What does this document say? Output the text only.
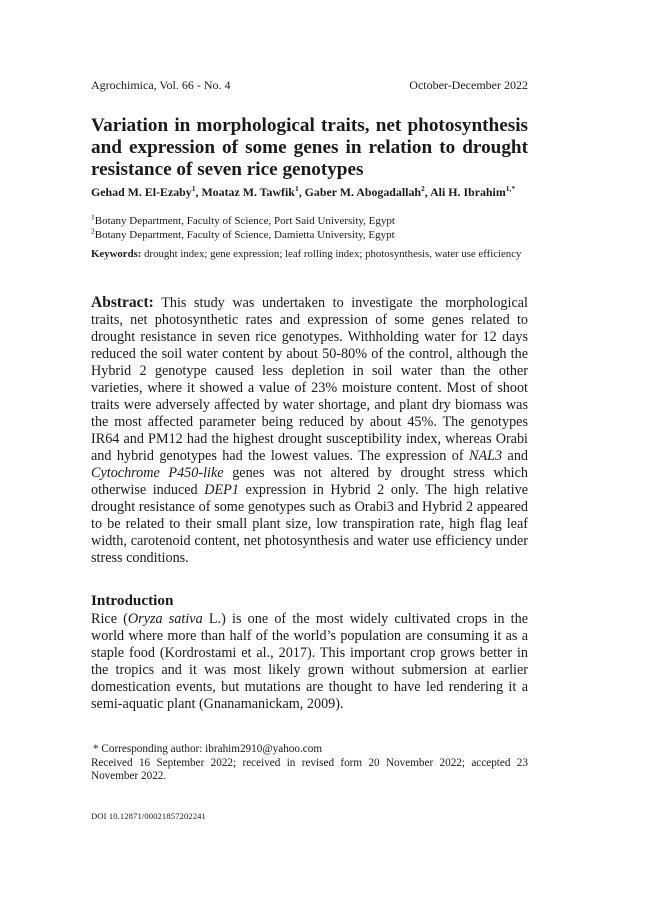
Agrochimica, Vol. 66 - No. 4	October-December 2022
Variation in morphological traits, net photosynthesis and expression of some genes in relation to drought resistance of seven rice genotypes

Gehad M. El-Ezaby$^1$, Moataz M. Tawfik$^1$, Gaber M. Abogadallah$^2$, Ali H. Ibrahim$^{1,*}$

$^1$Botany Department, Faculty of Science, Port Said University, Egypt

$^2$Botany Department, Faculty of Science, Damietta University, Egypt

Keywords: drought index; gene expression; leaf rolling index; photosynthesis, water use efficiency

Abstract: This study was undertaken to investigate the morphological traits, net photosynthetic rates and expression of some genes related to drought resistance in seven rice genotypes. Withholding water for 12 days reduced the soil water content by about 50-80% of the control, although the Hybrid 2 genotype caused less depletion in soil water than the other varieties, where it showed a value of 23% moisture content. Most of shoot traits were adversely affected by water shortage, and plant dry biomass was the most affected parameter being reduced by about 45%. The genotypes IR64 and PM12 had the highest drought susceptibility index, whereas Orabi and hybrid genotypes had the lowest values. The expression of NAL3 and Cytochrome P450-like genes was not altered by drought stress which otherwise induced DEP1 expression in Hybrid 2 only. The high relative drought resistance of some genotypes such as Orabi3 and Hybrid 2 appeared to be related to their small plant size, low transpiration rate, high flag leaf width, carotenoid content, net photosynthesis and water use efficiency under stress conditions.

Introduction

Rice (Oryza sativa L.) is one of the most widely cultivated crops in the world where more than half of the world’s population are consuming it as a staple food (Kordrostami et al., 2017). This important crop grows better in the tropics and it was most likely grown without submersion at earlier domestication events, but mutations are thought to have led rendering it a semi-aquatic plant (Gnanamanickam, 2009).

* Corresponding author: ibrahim2910@yahoo.com
Received 16 September 2022; received in revised form 20 November 2022; accepted 23 November 2022.

DOI 10.12871/00021857202241
